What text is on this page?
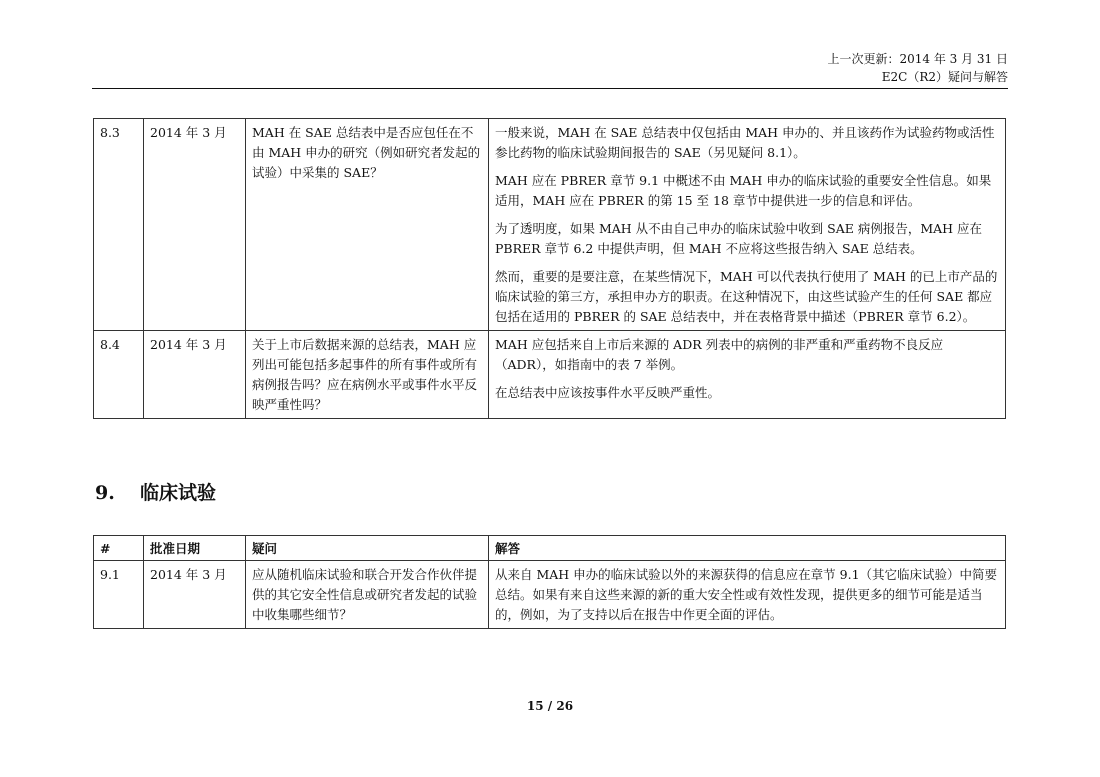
上一次更新：2014 年 3 月 31 日
E2C（R2）疑问与解答
8.3	2014 年 3 月	MAH 在 SAE 总结表中是否应包任在不由 MAH 申办的研究（例如研究者发起的试验）中采集的 SAE？	一般来说，MAH 在 SAE 总结表中仅包括由 MAH 申办的、并且该药作为试验药物或活性参比药物的临床试验期间报告的 SAE（另见疑问 8.1）。

MAH 应在 PBRER 章节 9.1 中概述不由 MAH 申办的临床试验的重要安全性信息。如果适用，MAH 应在 PBRER 的第 15 至 18 章节中提供进一步的信息和评估。

为了透明度，如果 MAH 从不由自己申办的临床试验中收到 SAE 病例报告，MAH 应在 PBRER 章节 6.2 中提供声明，但 MAH 不应将这些报告纳入 SAE 总结表。

然而，重要的是要注意，在某些情况下，MAH 可以代表执行使用了 MAH 的已上市产品的临床试验的第三方，承担申办方的职责。在这种情况下，由这些试验产生的任何 SAE 都应包括在适用的 PBRER 的 SAE 总结表中，并在表格背景中描述（PBRER 章节 6.2）。

8.4	2014 年 3 月	关于上市后数据来源的总结表，MAH 应列出可能包括多起事件的所有事件或所有病例报告吗？应在病例水平或事件水平反映严重性吗？	MAH 应包括来自上市后来源的 ADR 列表中的病例的非严重和严重药物不良反应（ADR），如指南中的表 7 举例。

在总结表中应该按事件水平反映严重性。

9. 临床试验
#	批准日期	疑问	解答
9.1	2014 年 3 月	应从随机临床试验和联合开发合作伙伴提供的其它安全性信息或研究者发起的试验中收集哪些细节？	从来自 MAH 申办的临床试验以外的来源获得的信息应在章节 9.1（其它临床试验）中简要总结。如果有来自这些来源的新的重大安全性或有效性发现，提供更多的细节可能是适当的，例如，为了支持以后在报告中作更全面的评估。

15 / 26
